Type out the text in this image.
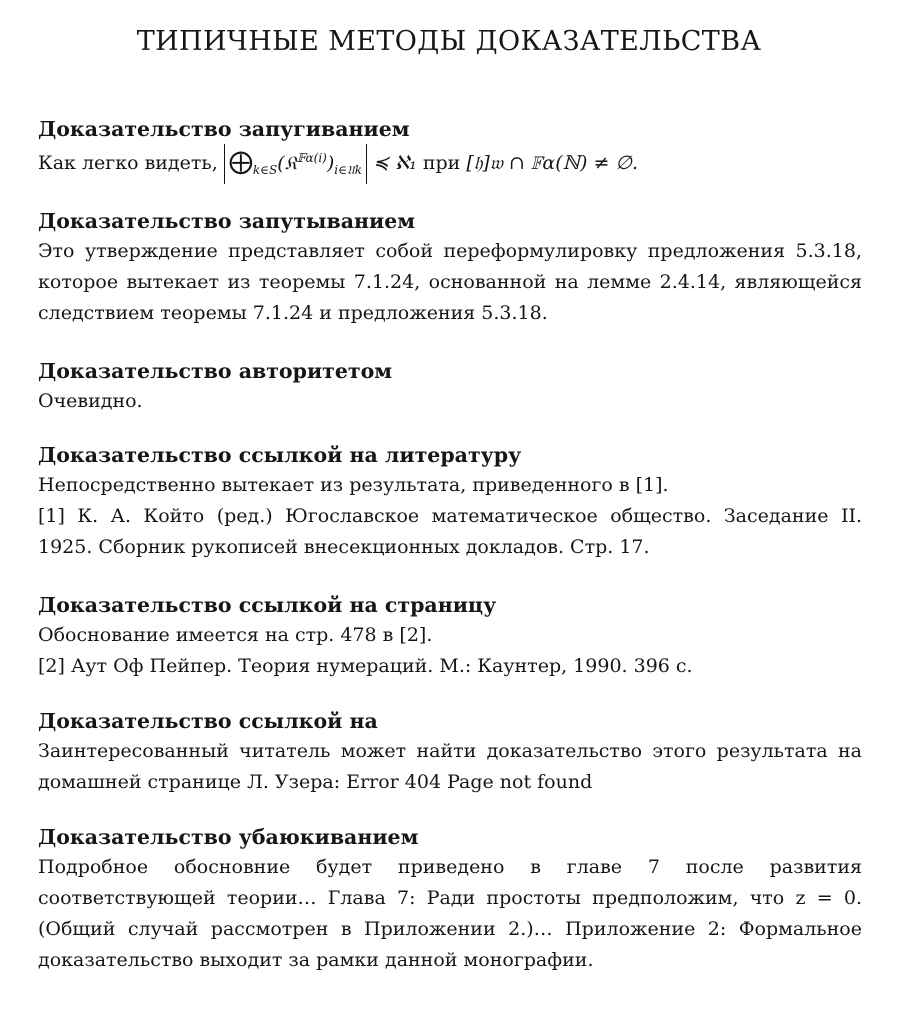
ТИПИЧНЫЕ МЕТОДЫ ДОКАЗАТЕЛЬСТВА
Доказательство запугиванием
Как легко видеть, $⨁_{k\in S}(𝔎^{𝔽\alpha(i)})_{i\in 𝔘k}$ ≼ ℵ₁ при [𝔥]𝔴 ∩ 𝔽α(ℕ) ≠ ∅.
Доказательство запутыванием

Это утверждение представляет собой переформулировку предложения 5.3.18, которое вытекает из теоремы 7.1.24, основанной на лемме 2.4.14, являющейся следствием теоремы 7.1.24 и предложения 5.3.18.

Доказательство авторитетом

Очевидно.

Доказательство ссылкой на литературу

Непосредственно вытекает из результата, приведенного в [1].

[1] К. А. Който (ред.) Югославское математическое общество. Заседание II. 1925. Сборник рукописей внесекционных докладов. Стр. 17.

Доказательство ссылкой на страницу

Обоснование имеется на стр. 478 в [2].

[2] Аут Оф Пейпер. Теория нумераций. М.: Каунтер, 1990. 396 с.

Доказательство ссылкой на

Заинтересованный читатель может найти доказательство этого результата на домашней странице Л. Узера: Error 404 Page not found

Доказательство убаюкиванием

Подробное обосновние будет приведено в главе 7 после развития соответствующей теории… Глава 7: Ради простоты предположим, что z = 0. (Общий случай рассмотрен в Приложении 2.)… Приложение 2: Формальное доказательство выходит за рамки данной монографии.
